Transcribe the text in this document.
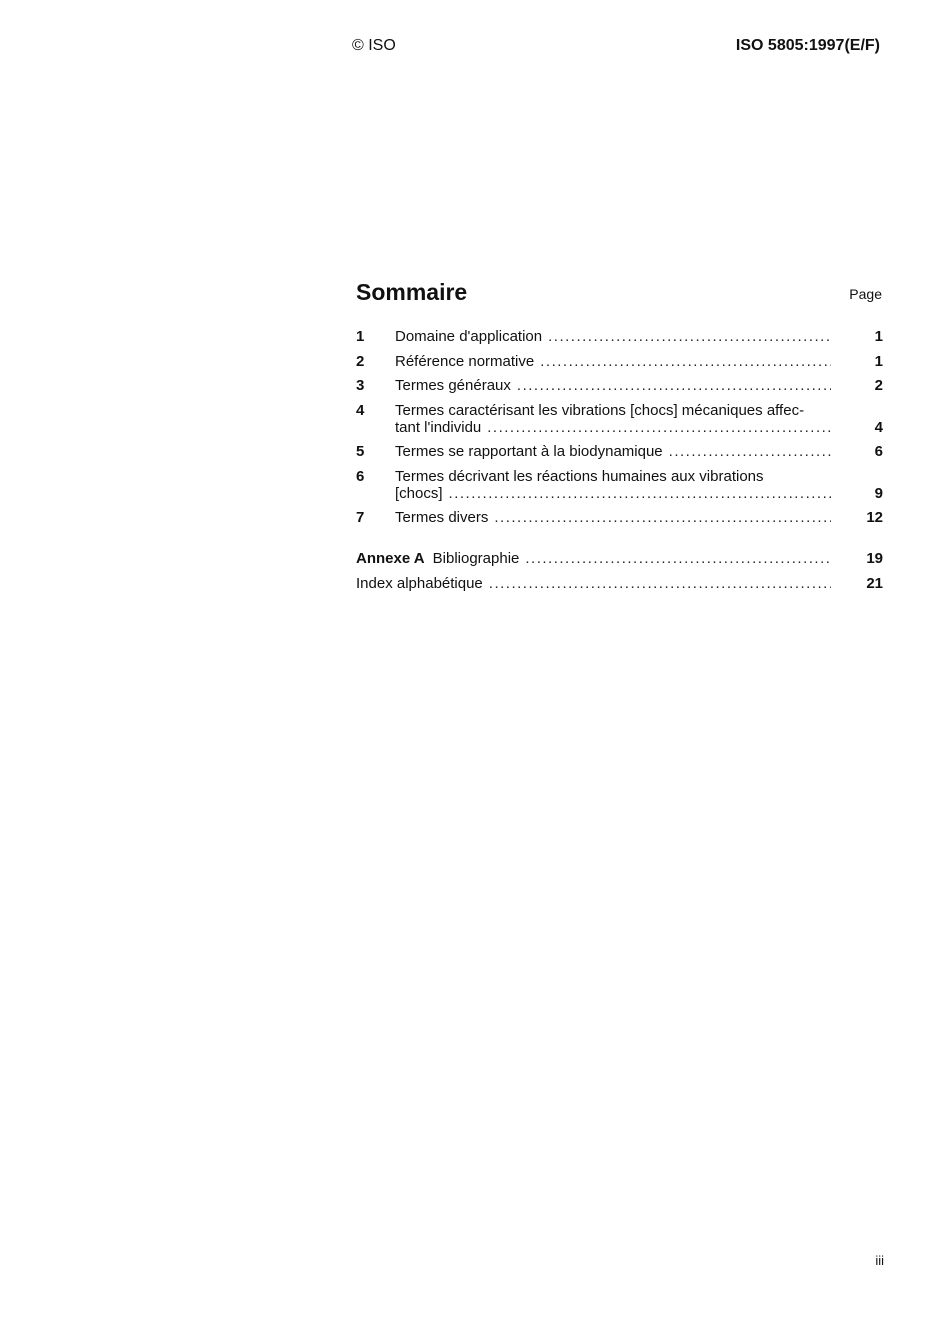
© ISO	ISO 5805:1997(E/F)
Sommaire	Page
1	Domaine d'application .....	1
2	Référence normative .....	1
3	Termes généraux .....	2
4	Termes caractérisant les vibrations [chocs] mécaniques affec-
tant l'individu .....	4
5	Termes se rapportant à la biodynamique .....	6
6	Termes décrivant les réactions humaines aux vibrations
[chocs] .....	9
7	Termes divers .....	12
Annexe A Bibliographie .....	19
Index alphabétique .....	21
iii
